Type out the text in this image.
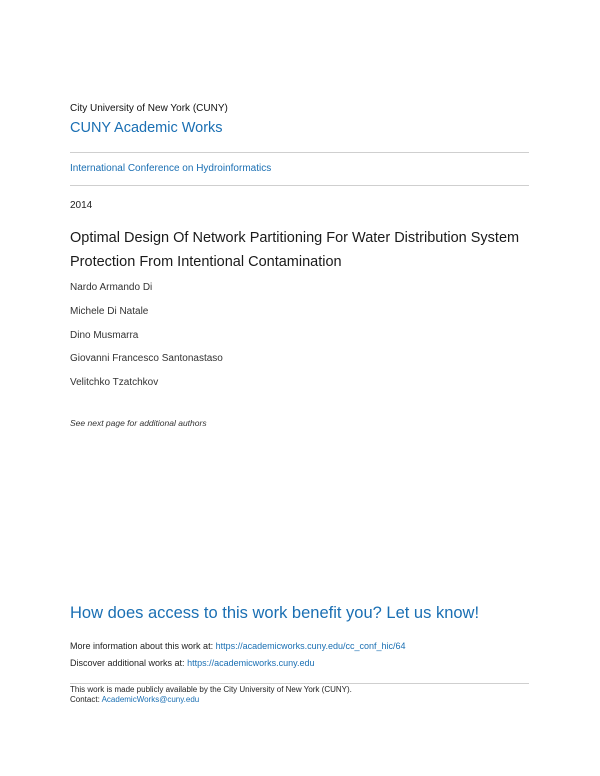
City University of New York (CUNY)
CUNY Academic Works
International Conference on Hydroinformatics
2014
Optimal Design Of Network Partitioning For Water Distribution System Protection From Intentional Contamination
Nardo Armando Di
Michele Di Natale
Dino Musmarra
Giovanni Francesco Santonastaso
Velitchko Tzatchkov
See next page for additional authors
How does access to this work benefit you? Let us know!
More information about this work at: https://academicworks.cuny.edu/cc_conf_hic/64
Discover additional works at: https://academicworks.cuny.edu
This work is made publicly available by the City University of New York (CUNY).
Contact: AcademicWorks@cuny.edu
